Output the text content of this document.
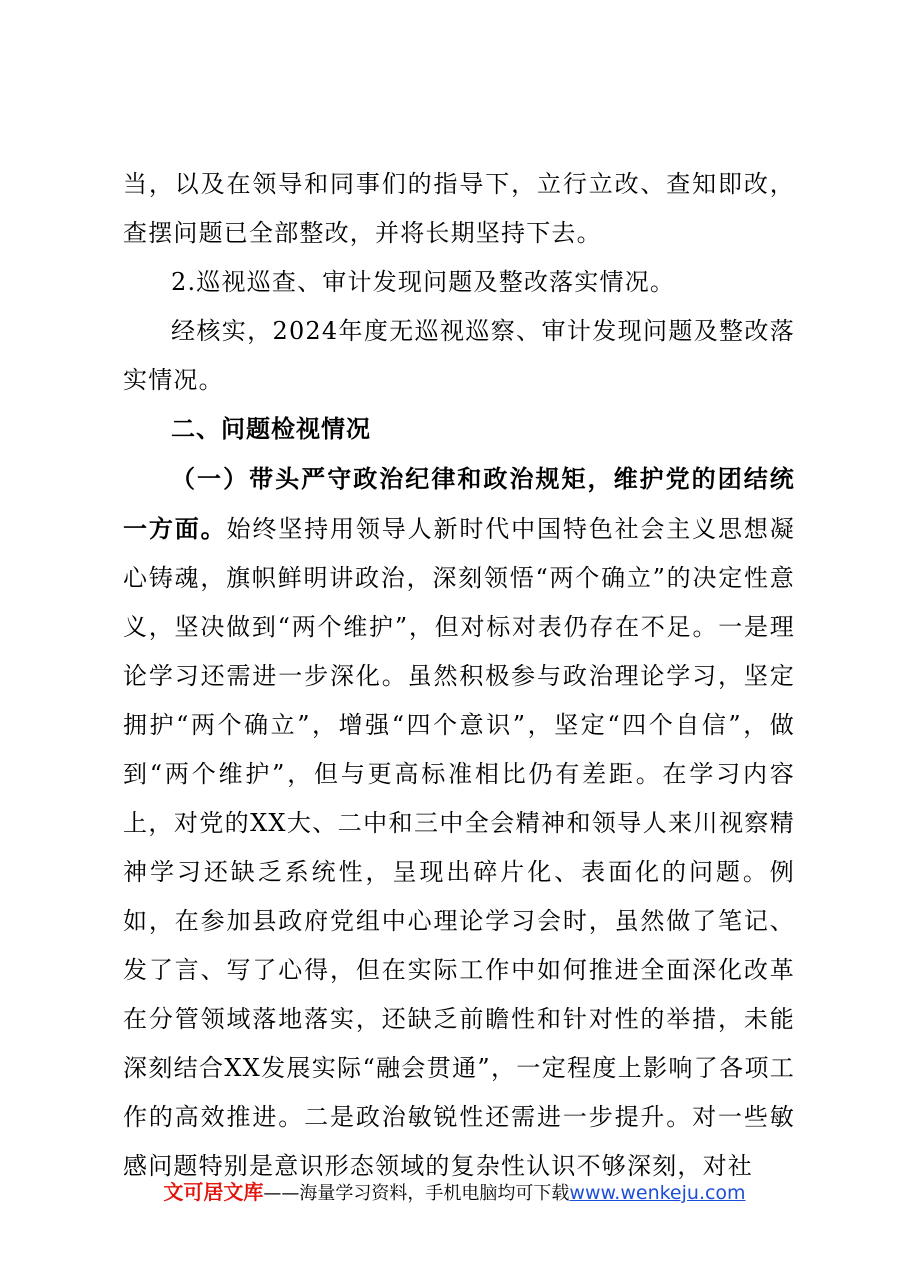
当，以及在领导和同事们的指导下，立行立改、查知即改，查摆问题已全部整改，并将长期坚持下去。

2.巡视巡查、审计发现问题及整改落实情况。

经核实，2024年度无巡视巡察、审计发现问题及整改落实情况。

二、问题检视情况

（一）带头严守政治纪律和政治规矩，维护党的团结统一方面。始终坚持用领导人新时代中国特色社会主义思想凝心铸魂，旗帜鲜明讲政治，深刻领悟“两个确立”的决定性意义，坚决做到“两个维护”，但对标对表仍存在不足。一是理论学习还需进一步深化。虽然积极参与政治理论学习，坚定拥护“两个确立”，增强“四个意识”，坚定“四个自信”，做到“两个维护”，但与更高标准相比仍有差距。在学习内容上，对党的XX大、二中和三中全会精神和领导人来川视察精神学习还缺乏系统性，呈现出碎片化、表面化的问题。例如，在参加县政府党组中心理论学习会时，虽然做了笔记、发了言、写了心得，但在实际工作中如何推进全面深化改革在分管领域落地落实，还缺乏前瞻性和针对性的举措，未能深刻结合XX发展实际“融会贯通”，一定程度上影响了各项工作的高效推进。二是政治敏锐性还需进一步提升。对一些敏感问题特别是意识形态领域的复杂性认识不够深刻，对社

文可居文库——海量学习资料，手机电脑均可下载www.wenkeju.com
